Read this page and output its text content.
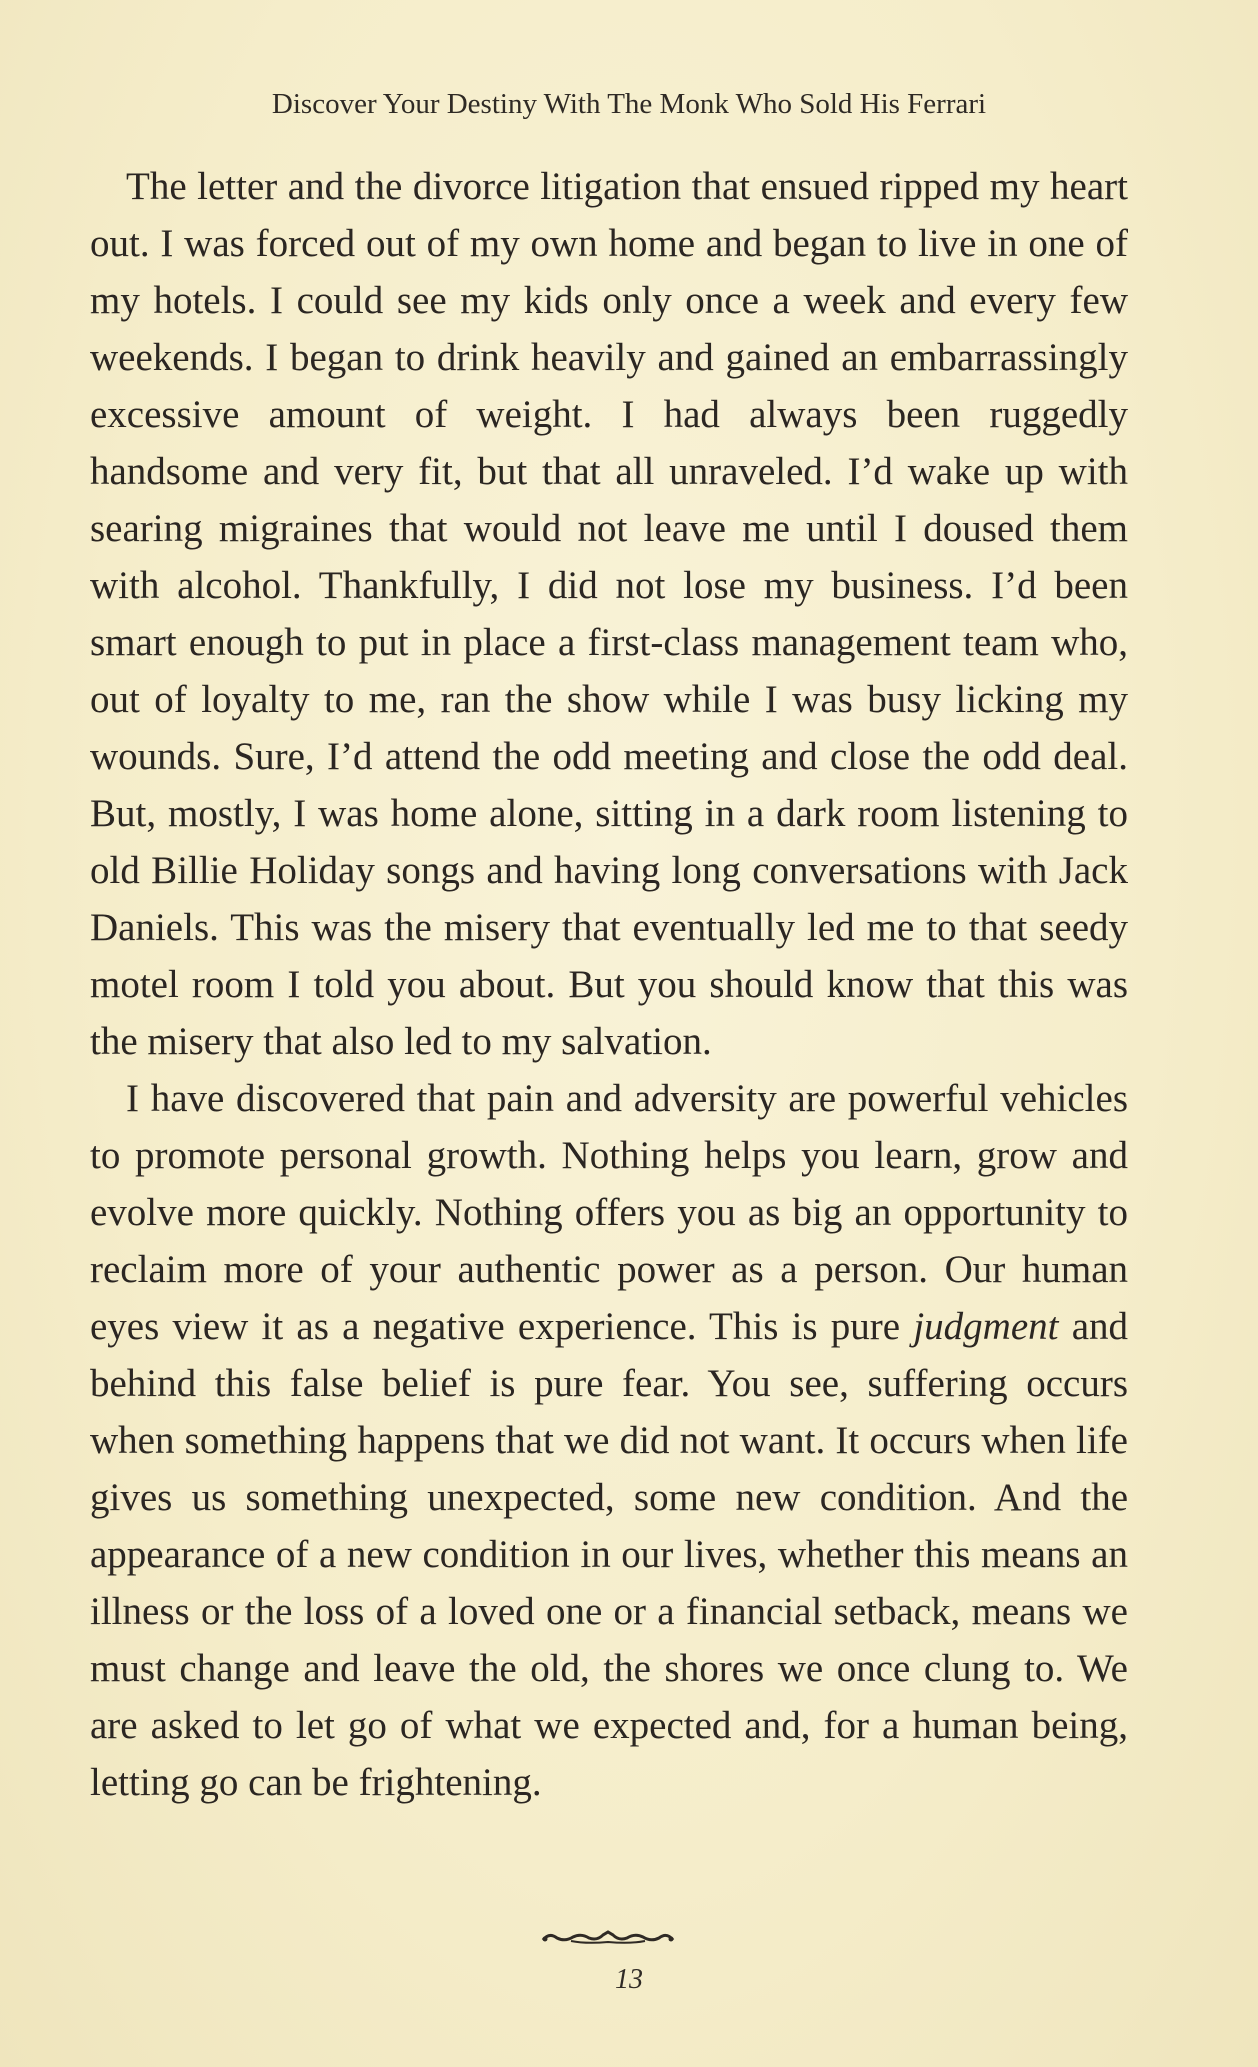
Discover Your Destiny With The Monk Who Sold His Ferrari

The letter and the divorce litigation that ensued ripped my heart out. I was forced out of my own home and began to live in one of my hotels. I could see my kids only once a week and every few weekends. I began to drink heavily and gained an embarrassingly excessive amount of weight. I had always been ruggedly handsome and very fit, but that all unraveled. I’d wake up with searing migraines that would not leave me until I doused them with alcohol. Thankfully, I did not lose my business. I’d been smart enough to put in place a first-class management team who, out of loyalty to me, ran the show while I was busy licking my wounds. Sure, I’d attend the odd meeting and close the odd deal. But, mostly, I was home alone, sitting in a dark room listening to old Billie Holiday songs and having long conversations with Jack Daniels. This was the misery that eventually led me to that seedy motel room I told you about. But you should know that this was the misery that also led to my salvation.

I have discovered that pain and adversity are powerful vehicles to promote personal growth. Nothing helps you learn, grow and evolve more quickly. Nothing offers you as big an opportunity to reclaim more of your authentic power as a person. Our human eyes view it as a negative experience. This is pure judgment and behind this false belief is pure fear. You see, suffering occurs when something happens that we did not want. It occurs when life gives us something unexpected, some new condition. And the appearance of a new condition in our lives, whether this means an illness or the loss of a loved one or a financial setback, means we must change and leave the old, the shores we once clung to. We are asked to let go of what we expected and, for a human being, letting go can be frightening.

13
